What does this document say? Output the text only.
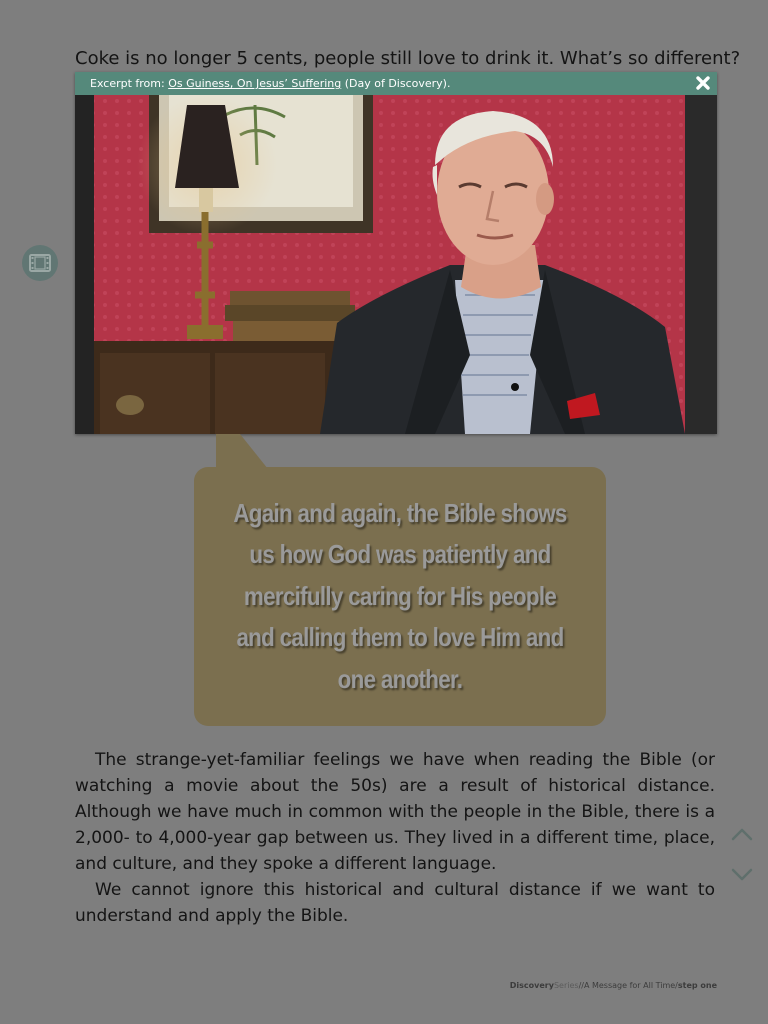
Coke is no longer 5 cents, people still love to drink it. What’s so different?
Excerpt from: Os Guiness, On Jesus’ Suffering (Day of Discovery).
Again and again, the Bible shows us how God was patiently and mercifully caring for His people and calling them to love Him and one another.

The strange-yet-familiar feelings we have when reading the Bible (or watching a movie about the 50s) are a result of historical distance. Although we have much in common with the people in the Bible, there is a 2,000- to 4,000-year gap between us. They lived in a different time, place, and culture, and they spoke a different language.

We cannot ignore this historical and cultural distance if we want to understand and apply the Bible.

DiscoverySeries//A Message for All Time/step one
